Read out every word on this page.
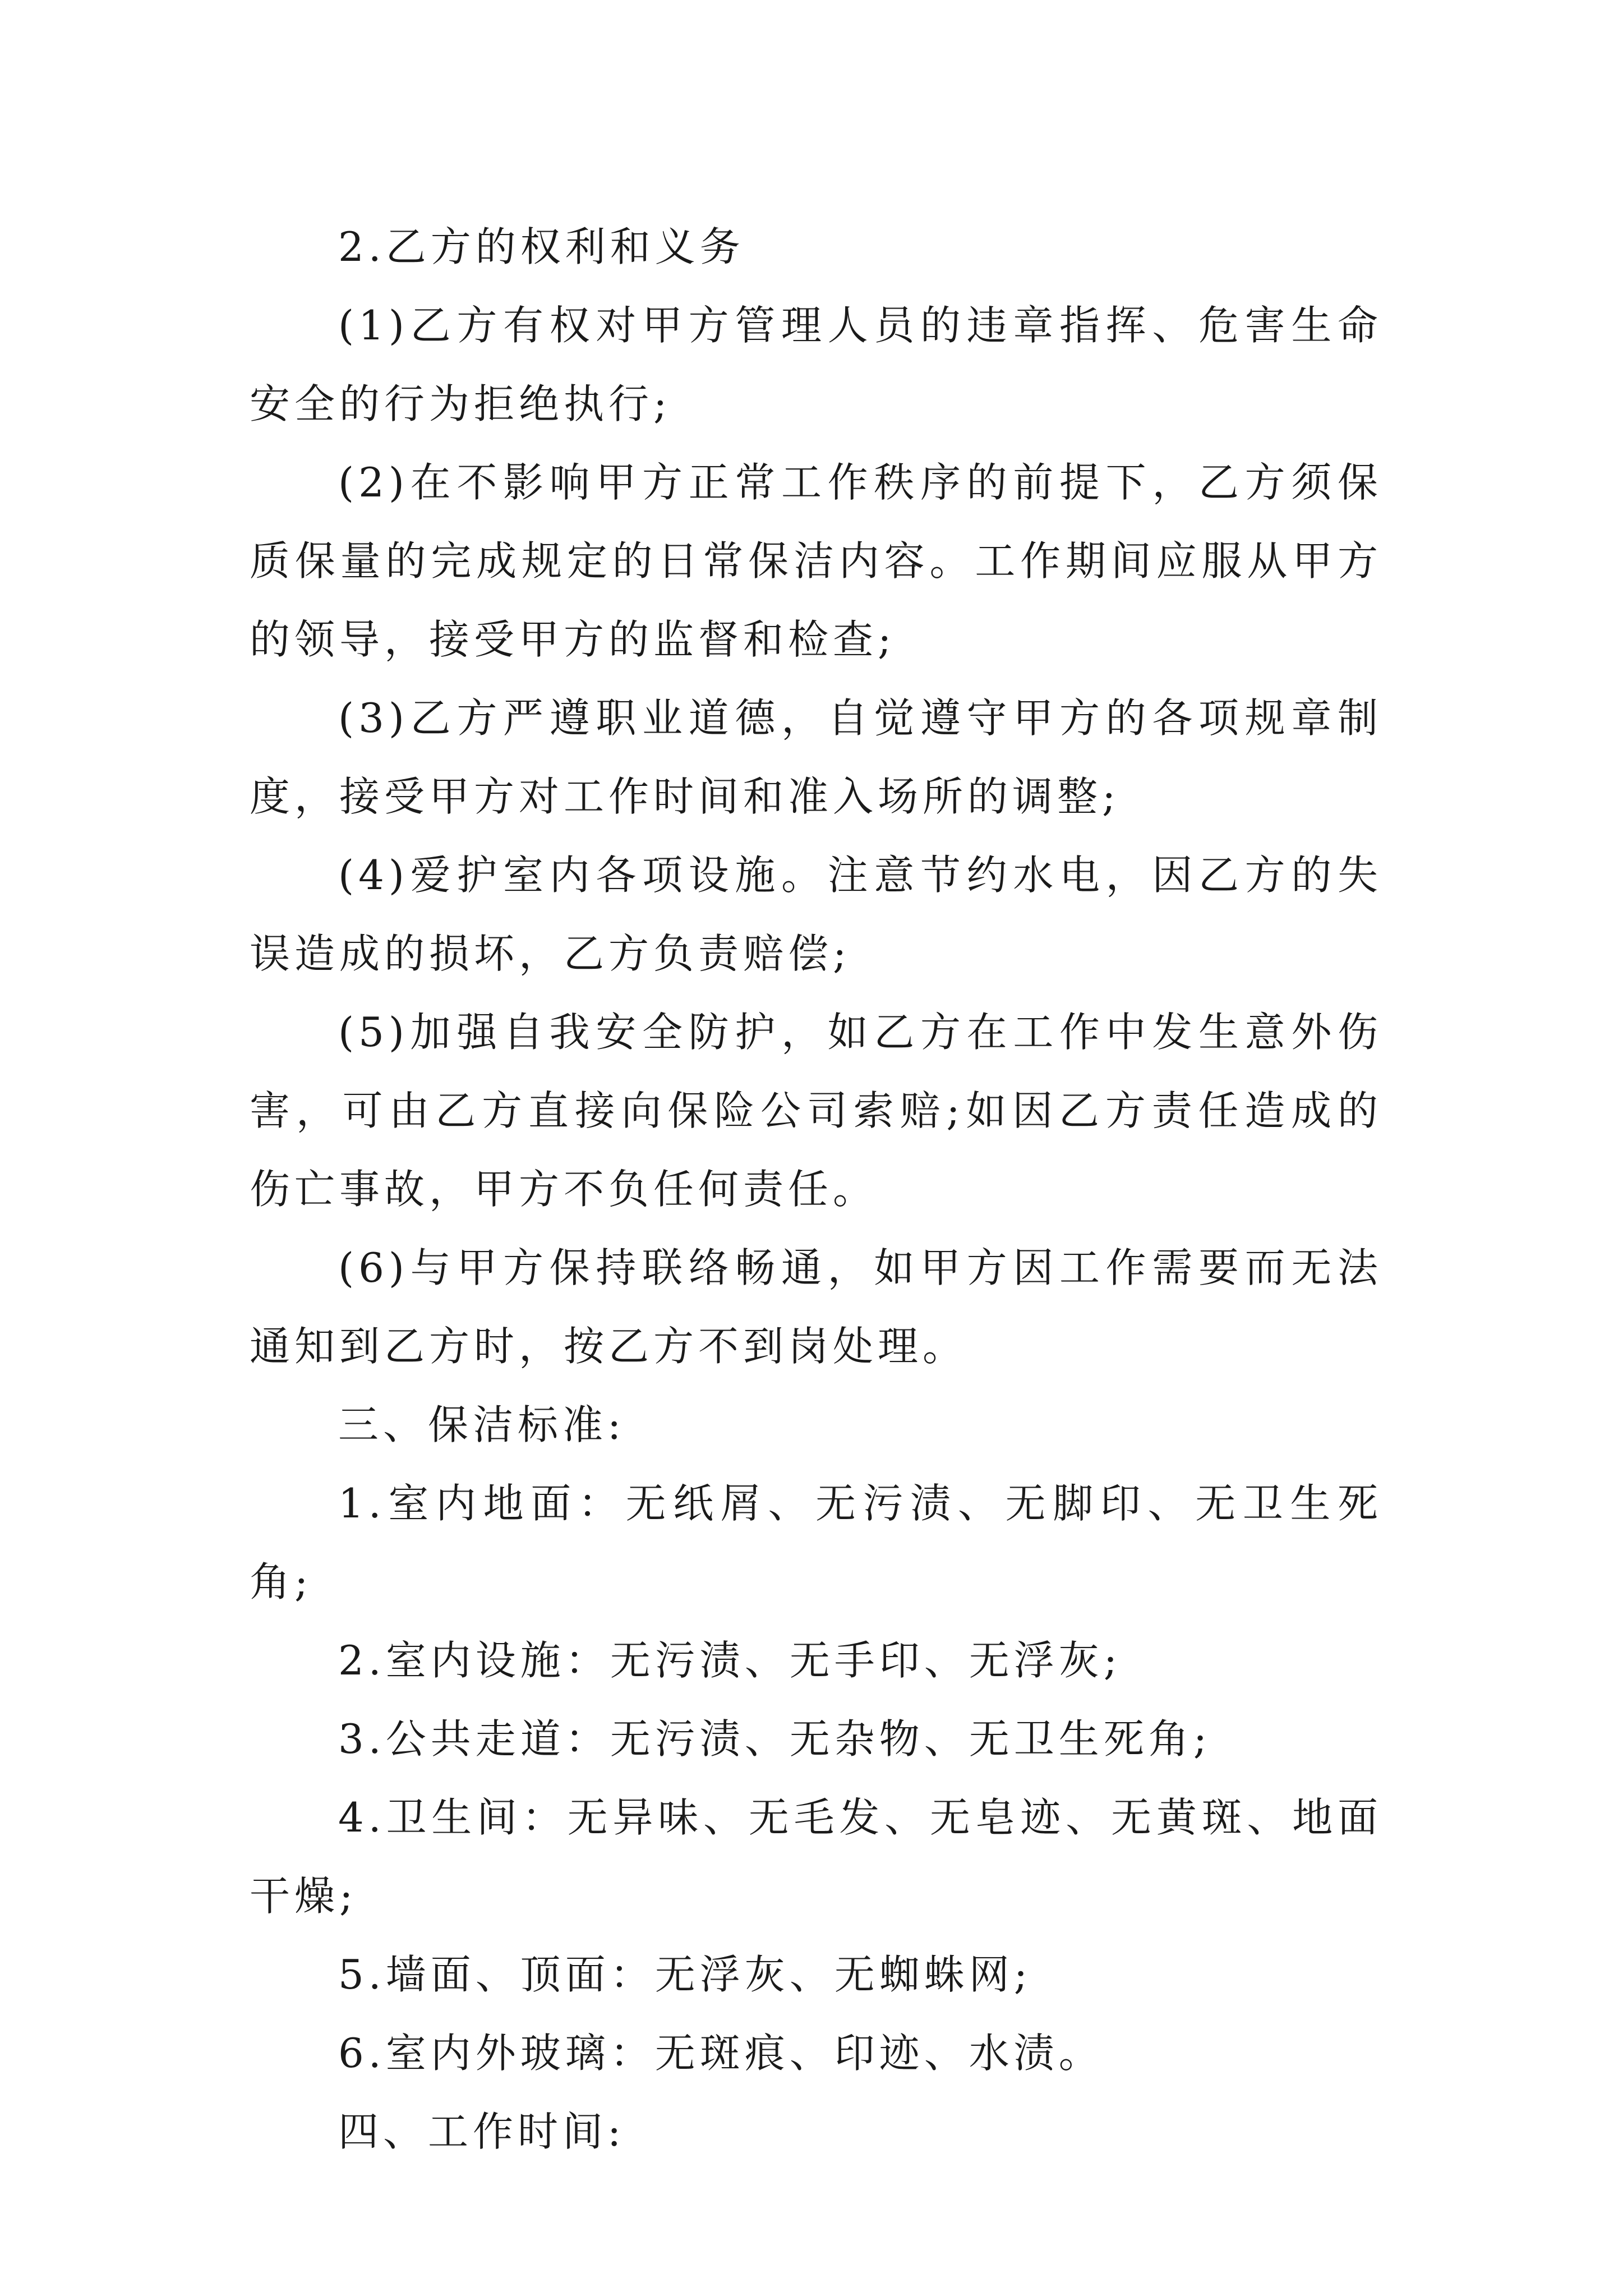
2.乙方的权利和义务

(1)乙方有权对甲方管理人员的违章指挥、危害生命安全的行为拒绝执行;

(2)在不影响甲方正常工作秩序的前提下，乙方须保质保量的完成规定的日常保洁内容。工作期间应服从甲方的领导，接受甲方的监督和检查;

(3)乙方严遵职业道德，自觉遵守甲方的各项规章制度，接受甲方对工作时间和准入场所的调整;

(4)爱护室内各项设施。注意节约水电，因乙方的失误造成的损坏，乙方负责赔偿;

(5)加强自我安全防护，如乙方在工作中发生意外伤害，可由乙方直接向保险公司索赔;如因乙方责任造成的伤亡事故，甲方不负任何责任。

(6)与甲方保持联络畅通，如甲方因工作需要而无法通知到乙方时，按乙方不到岗处理。

三、保洁标准:

1.室内地面：无纸屑、无污渍、无脚印、无卫生死角;

2.室内设施：无污渍、无手印、无浮灰;

3.公共走道：无污渍、无杂物、无卫生死角;

4.卫生间：无异味、无毛发、无皂迹、无黄斑、地面干燥;

5.墙面、顶面：无浮灰、无蜘蛛网;

6.室内外玻璃：无斑痕、印迹、水渍。

四、工作时间:
